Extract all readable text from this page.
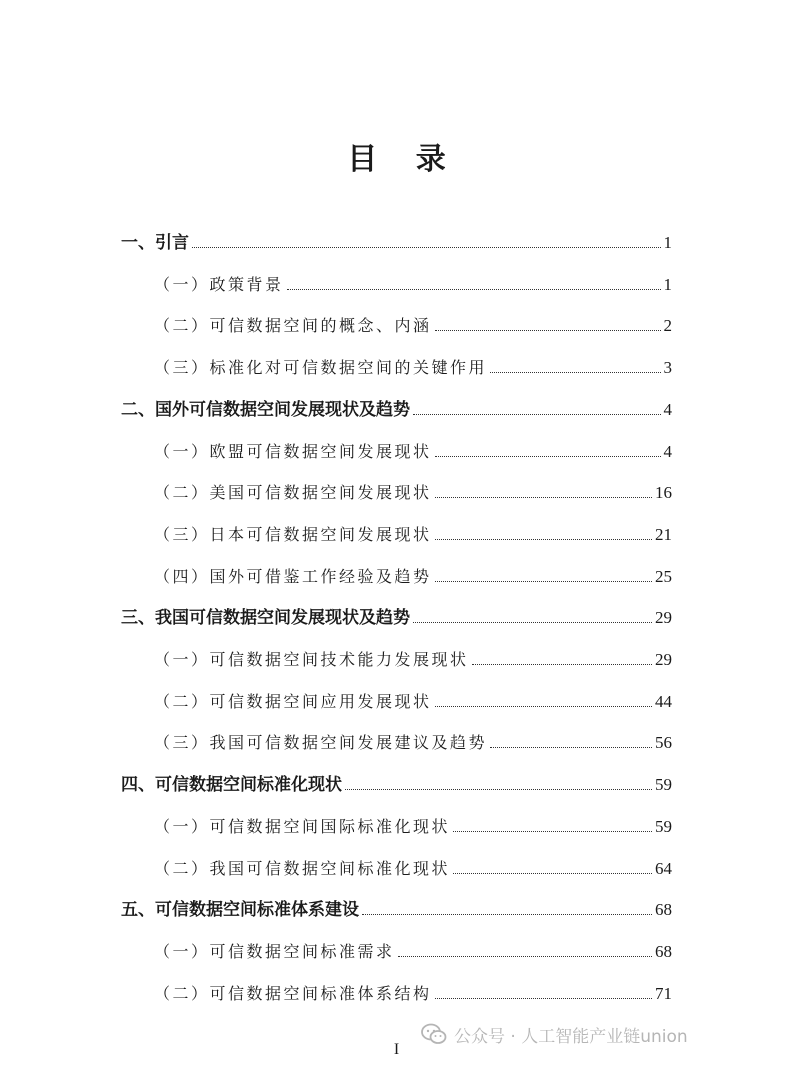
目 录
一、引言	1
（一）政策背景	1
（二）可信数据空间的概念、内涵	2
（三）标准化对可信数据空间的关键作用	3
二、国外可信数据空间发展现状及趋势	4
（一）欧盟可信数据空间发展现状	4
（二）美国可信数据空间发展现状	16
（三）日本可信数据空间发展现状	21
（四）国外可借鉴工作经验及趋势	25
三、我国可信数据空间发展现状及趋势	29
（一）可信数据空间技术能力发展现状	29
（二）可信数据空间应用发展现状	44
（三）我国可信数据空间发展建议及趋势	56
四、可信数据空间标准化现状	59
（一）可信数据空间国际标准化现状	59
（二）我国可信数据空间标准化现状	64
五、可信数据空间标准体系建设	68
（一）可信数据空间标准需求	68
（二）可信数据空间标准体系结构	71
公众号 · 人工智能产业链union
I
